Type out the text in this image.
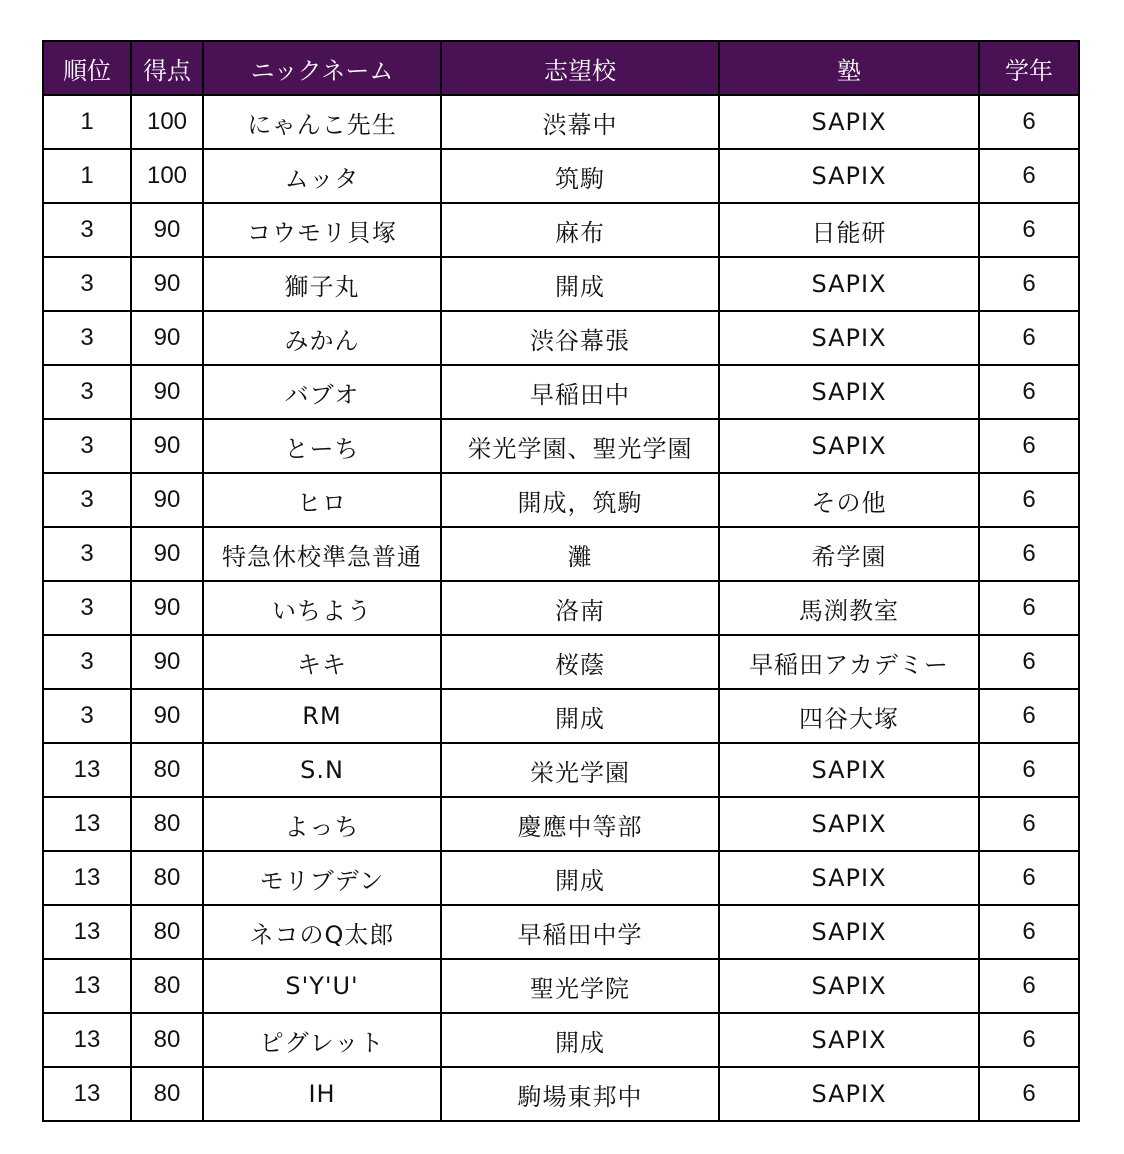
順位	得点	ニックネーム	志望校	塾	学年
1	100	にゃんこ先生	渋幕中	SAPIX	6
1	100	ムッタ	筑駒	SAPIX	6
3	90	コウモリ貝塚	麻布	日能研	6
3	90	獅子丸	開成	SAPIX	6
3	90	みかん	渋谷幕張	SAPIX	6
3	90	バブオ	早稲田中	SAPIX	6
3	90	とーち	栄光学園、聖光学園	SAPIX	6
3	90	ヒロ	開成，筑駒	その他	6
3	90	特急休校準急普通	灘	希学園	6
3	90	いちよう	洛南	馬渕教室	6
3	90	キキ	桜蔭	早稲田アカデミー	6
3	90	RM	開成	四谷大塚	6
13	80	S.N	栄光学園	SAPIX	6
13	80	よっち	慶應中等部	SAPIX	6
13	80	モリブデン	開成	SAPIX	6
13	80	ネコのQ太郎	早稲田中学	SAPIX	6
13	80	S'Y'U'	聖光学院	SAPIX	6
13	80	ピグレット	開成	SAPIX	6
13	80	IH	駒場東邦中	SAPIX	6
